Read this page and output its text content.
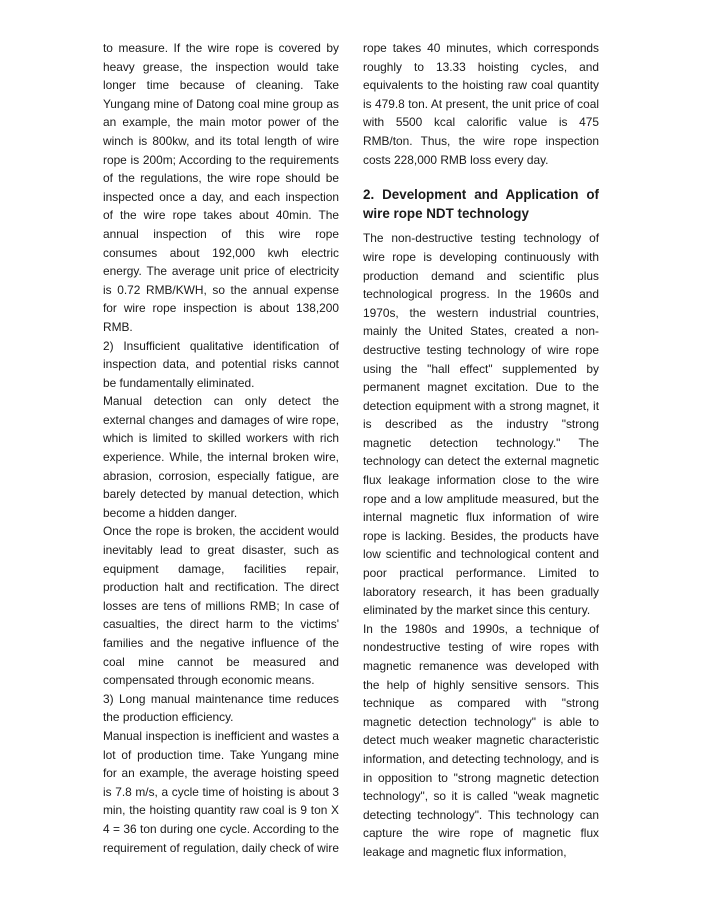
to measure. If the wire rope is covered by heavy grease, the inspection would take longer time because of cleaning. Take Yungang mine of Datong coal mine group as an example, the main motor power of the winch is 800kw, and its total length of wire rope is 200m; According to the requirements of the regulations, the wire rope should be inspected once a day, and each inspection of the wire rope takes about 40min. The annual inspection of this wire rope consumes about 192,000 kwh electric energy. The average unit price of electricity is 0.72 RMB/KWH, so the annual expense for wire rope inspection is about 138,200 RMB.

2) Insufficient qualitative identification of inspection data, and potential risks cannot be fundamentally eliminated.

Manual detection can only detect the external changes and damages of wire rope, which is limited to skilled workers with rich experience. While, the internal broken wire, abrasion, corrosion, especially fatigue, are barely detected by manual detection, which become a hidden danger.

Once the rope is broken, the accident would inevitably lead to great disaster, such as equipment damage, facilities repair, production halt and rectification. The direct losses are tens of millions RMB; In case of casualties, the direct harm to the victims' families and the negative influence of the coal mine cannot be measured and compensated through economic means.

3) Long manual maintenance time reduces the production efficiency.

Manual inspection is inefficient and wastes a lot of production time. Take Yungang mine for an example, the average hoisting speed is 7.8 m/s, a cycle time of hoisting is about 3 min, the hoisting quantity raw coal is 9 ton X 4 = 36 ton during one cycle. According to the requirement of regulation, daily check of wire

rope takes 40 minutes, which corresponds roughly to 13.33 hoisting cycles, and equivalents to the hoisting raw coal quantity is 479.8 ton. At present, the unit price of coal with 5500 kcal calorific value is 475 RMB/ton. Thus, the wire rope inspection costs 228,000 RMB loss every day.

2. Development and Application of wire rope NDT technology

The non-destructive testing technology of wire rope is developing continuously with production demand and scientific plus technological progress. In the 1960s and 1970s, the western industrial countries, mainly the United States, created a non-destructive testing technology of wire rope using the "hall effect" supplemented by permanent magnet excitation. Due to the detection equipment with a strong magnet, it is described as the industry "strong magnetic detection technology." The technology can detect the external magnetic flux leakage information close to the wire rope and a low amplitude measured, but the internal magnetic flux information of wire rope is lacking. Besides, the products have low scientific and technological content and poor practical performance. Limited to laboratory research, it has been gradually eliminated by the market since this century.

In the 1980s and 1990s, a technique of nondestructive testing of wire ropes with magnetic remanence was developed with the help of highly sensitive sensors. This technique as compared with "strong magnetic detection technology" is able to detect much weaker magnetic characteristic information, and detecting technology, and is in opposition to "strong magnetic detection technology", so it is called "weak magnetic detecting technology". This technology can capture the wire rope of magnetic flux leakage and magnetic flux information,
